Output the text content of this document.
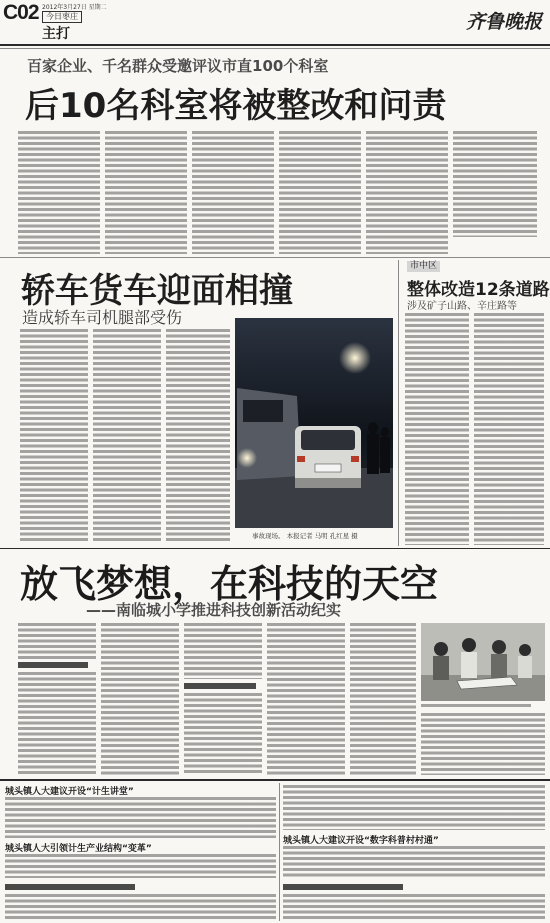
C02 2012年3月27日 星期二
今日枣庄
主打
齐鲁晚报
百家企业、千名群众受邀评议市直100个科室
后10名科室将被整改和问责
轿车货车迎面相撞
造成轿车司机腿部受伤
事故现场。 本报记者 马明 孔红星 摄
市中区
整体改造12条道路
涉及矿子山路、辛庄路等
放飞梦想，在科技的天空
——南临城小学推进科技创新活动纪实
城头镇人大建议开设“计生讲堂”
城头镇人大引领计生产业结构“变革”
城头镇人大建议开设“数字科普村村通”
